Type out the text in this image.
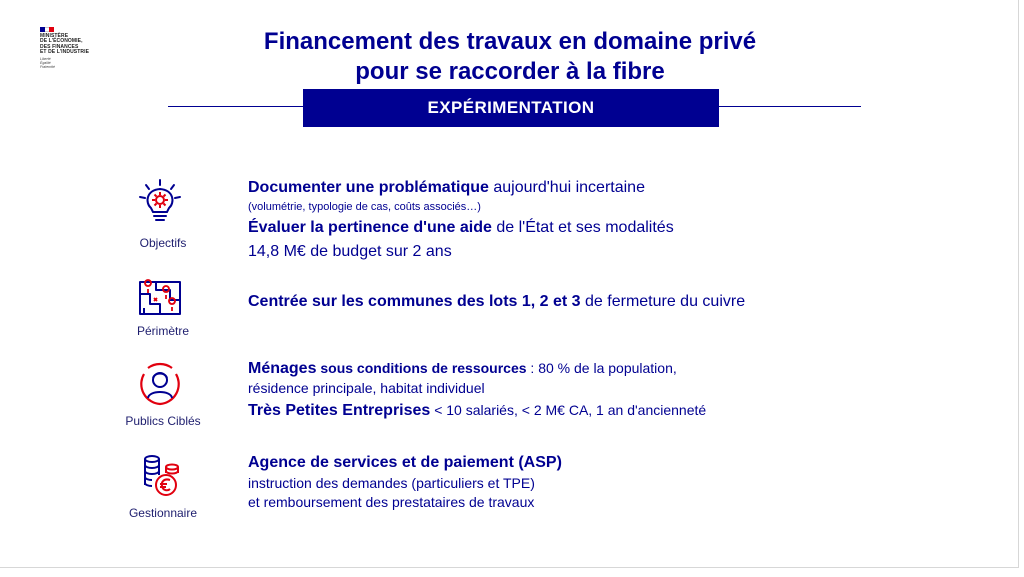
MINISTÈRE
DE L'ÉCONOMIE,
DES FINANCES
ET DE L'INDUSTRIE
Liberté
Égalité
Fraternité
Financement des travaux en domaine privé
pour se raccorder à la fibre
EXPÉRIMENTATION
Objectifs
Documenter une problématique aujourd'hui incertaine
(volumétrie, typologie de cas, coûts associés…)
Évaluer la pertinence d'une aide de l'État et ses modalités
14,8 M€ de budget sur 2 ans
Périmètre
Centrée sur les communes des lots 1, 2 et 3 de fermeture du cuivre
Publics Ciblés
Ménages sous conditions de ressources : 80 % de la population,
résidence principale, habitat individuel
Très Petites Entreprises < 10 salariés, < 2 M€ CA, 1 an d'ancienneté
Gestionnaire
Agence de services et de paiement (ASP)
instruction des demandes (particuliers et TPE)
et remboursement des prestataires de travaux
